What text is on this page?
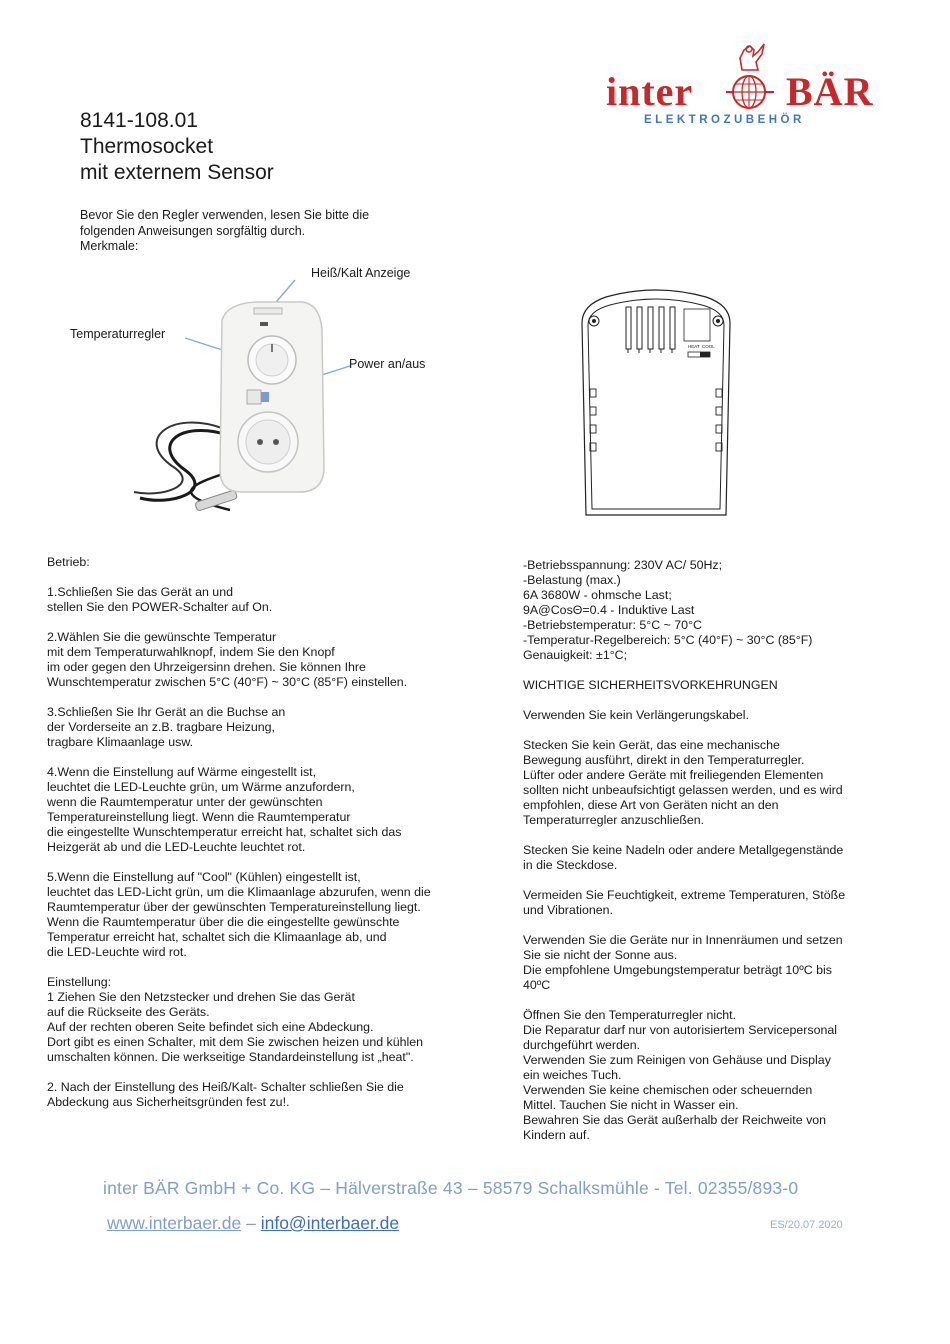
inter BÄR
ELEKTROZUBEHÖR
8141-108.01
Thermosocket
mit externem Sensor
Bevor Sie den Regler verwenden, lesen Sie bitte die
folgenden Anweisungen sorgfältig durch.
Merkmale:
Heiß/Kalt Anzeige
Temperaturregler
Power an/aus
HEAT COOL

Betrieb:

1.Schließen Sie das Gerät an und
stellen Sie den POWER-Schalter auf On.

2.Wählen Sie die gewünschte Temperatur
mit dem Temperaturwahlknopf, indem Sie den Knopf
im oder gegen den Uhrzeigersinn drehen. Sie können Ihre
Wunschtemperatur zwischen 5°C (40°F) ~ 30°C (85°F) einstellen.

3.Schließen Sie Ihr Gerät an die Buchse an
der Vorderseite an z.B. tragbare Heizung,
tragbare Klimaanlage usw.

4.Wenn die Einstellung auf Wärme eingestellt ist,
leuchtet die LED-Leuchte grün, um Wärme anzufordern,
wenn die Raumtemperatur unter der gewünschten
Temperatureinstellung liegt. Wenn die Raumtemperatur
die eingestellte Wunschtemperatur erreicht hat, schaltet sich das
Heizgerät ab und die LED-Leuchte leuchtet rot.

5.Wenn die Einstellung auf "Cool" (Kühlen) eingestellt ist,
leuchtet das LED-Licht grün, um die Klimaanlage abzurufen, wenn die
Raumtemperatur über der gewünschten Temperatureinstellung liegt.
Wenn die Raumtemperatur über die die eingestellte gewünschte
Temperatur erreicht hat, schaltet sich die Klimaanlage ab, und
die LED-Leuchte wird rot.

Einstellung:
1 Ziehen Sie den Netzstecker und drehen Sie das Gerät
auf die Rückseite des Geräts.
Auf der rechten oberen Seite befindet sich eine Abdeckung.
Dort gibt es einen Schalter, mit dem Sie zwischen heizen und kühlen
umschalten können. Die werkseitige Standardeinstellung ist „heat".

2. Nach der Einstellung des Heiß/Kalt- Schalter schließen Sie die
Abdeckung aus Sicherheitsgründen fest zu!.

-Betriebsspannung: 230V AC/ 50Hz;
-Belastung (max.)
6A 3680W - ohmsche Last;
9A@CosΘ=0.4 - Induktive Last
-Betriebstemperatur: 5°C ~ 70°C
-Temperatur-Regelbereich: 5°C (40°F) ~ 30°C (85°F)
Genauigkeit: ±1°C;

WICHTIGE SICHERHEITSVORKEHRUNGEN

Verwenden Sie kein Verlängerungskabel.

Stecken Sie kein Gerät, das eine mechanische
Bewegung ausführt, direkt in den Temperaturregler.
Lüfter oder andere Geräte mit freiliegenden Elementen
sollten nicht unbeaufsichtigt gelassen werden, und es wird
empfohlen, diese Art von Geräten nicht an den
Temperaturregler anzuschließen.

Stecken Sie keine Nadeln oder andere Metallgegenstände
in die Steckdose.

Vermeiden Sie Feuchtigkeit, extreme Temperaturen, Stöße
und Vibrationen.

Verwenden Sie die Geräte nur in Innenräumen und setzen
Sie sie nicht der Sonne aus.
Die empfohlene Umgebungstemperatur beträgt 10ºC bis
40ºC

Öffnen Sie den Temperaturregler nicht.
Die Reparatur darf nur von autorisiertem Servicepersonal
durchgeführt werden.
Verwenden Sie zum Reinigen von Gehäuse und Display
ein weiches Tuch.
Verwenden Sie keine chemischen oder scheuernden
Mittel. Tauchen Sie nicht in Wasser ein.
Bewahren Sie das Gerät außerhalb der Reichweite von
Kindern auf.

inter BÄR GmbH + Co. KG – Hälverstraße 43 – 58579 Schalksmühle - Tel. 02355/893-0
www.interbaer.de – info@interbaer.de	ES/20.07.2020
